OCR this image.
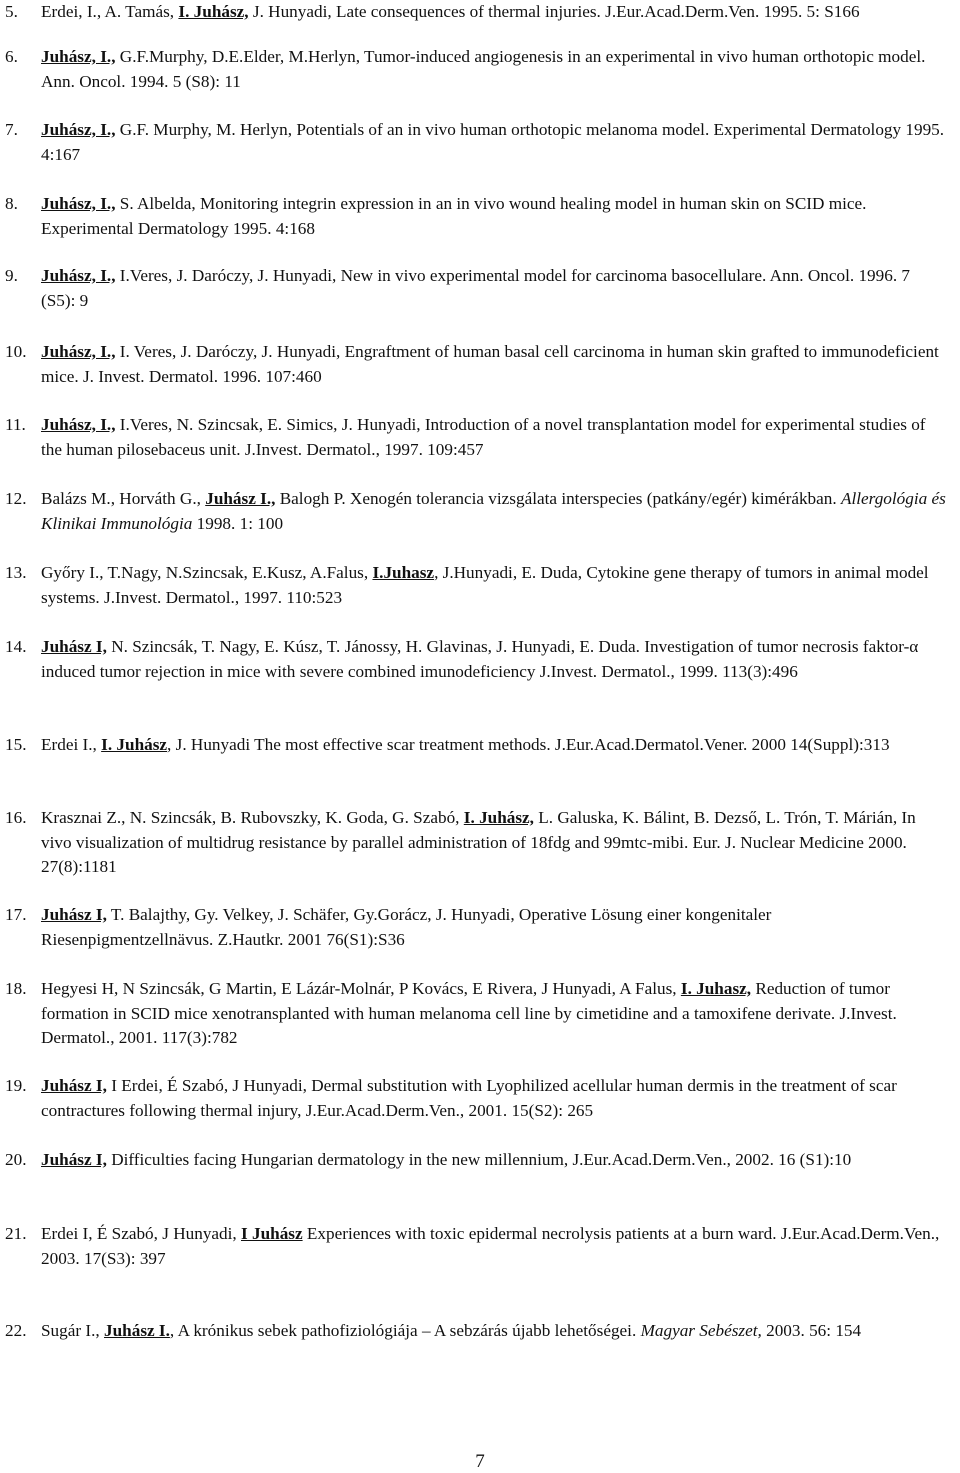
5. Erdei, I., A. Tamás, I. Juhász, J. Hunyadi, Late consequences of thermal injuries. J.Eur.Acad.Derm.Ven. 1995. 5: S166
6. Juhász, I., G.F.Murphy, D.E.Elder, M.Herlyn, Tumor-induced angiogenesis in an experimental in vivo human orthotopic model. Ann. Oncol. 1994. 5 (S8): 11
7. Juhász, I., G.F. Murphy, M. Herlyn, Potentials of an in vivo human orthotopic melanoma model. Experimental Dermatology 1995. 4:167
8. Juhász, I., S. Albelda, Monitoring integrin expression in an in vivo wound healing model in human skin on SCID mice. Experimental Dermatology 1995. 4:168
9. Juhász, I., I.Veres, J. Daróczy, J. Hunyadi, New in vivo experimental model for carcinoma basocellulare. Ann. Oncol. 1996. 7 (S5): 9
10. Juhász, I., I. Veres, J. Daróczy, J. Hunyadi, Engraftment of human basal cell carcinoma in human skin grafted to immunodeficient mice. J. Invest. Dermatol. 1996. 107:460
11. Juhász, I., I.Veres, N. Szincsak, E. Simics, J. Hunyadi, Introduction of a novel transplantation model for experimental studies of the human pilosebaceus unit. J.Invest. Dermatol., 1997. 109:457
12. Balázs M., Horváth G., Juhász I., Balogh P. Xenogén tolerancia vizsgálata interspecies (patkány/egér) kimérákban. Allergológia és Klinikai Immunológia 1998. 1: 100
13. Győry I., T.Nagy, N.Szincsak, E.Kusz, A.Falus, I.Juhasz, J.Hunyadi, E. Duda, Cytokine gene therapy of tumors in animal model systems. J.Invest. Dermatol., 1997. 110:523
14. Juhász I, N. Szincsák, T. Nagy, E. Kúsz, T. Jánossy, H. Glavinas, J. Hunyadi, E. Duda. Investigation of tumor necrosis faktor-α induced tumor rejection in mice with severe combined imunodeficiency J.Invest. Dermatol., 1999. 113(3):496
15. Erdei I., I. Juhász, J. Hunyadi The most effective scar treatment methods. J.Eur.Acad.Dermatol.Vener. 2000 14(Suppl):313
16. Krasznai Z., N. Szincsák, B. Rubovszky, K. Goda, G. Szabó, I. Juhász, L. Galuska, K. Bálint, B. Dezső, L. Trón, T. Márián, In vivo visualization of multidrug resistance by parallel administration of 18fdg and 99mtc-mibi. Eur. J. Nuclear Medicine 2000. 27(8):1181
17. Juhász I, T. Balajthy, Gy. Velkey, J. Schäfer, Gy.Gorácz, J. Hunyadi, Operative Lösung einer kongenitaler Riesenpigmentzellnävus. Z.Hautkr. 2001 76(S1):S36
18. Hegyesi H, N Szincsák, G Martin, E Lázár-Molnár, P Kovács, E Rivera, J Hunyadi, A Falus, I. Juhasz, Reduction of tumor formation in SCID mice xenotransplanted with human melanoma cell line by cimetidine and a tamoxifene derivate. J.Invest. Dermatol., 2001. 117(3):782
19. Juhász I, I Erdei, É Szabó, J Hunyadi, Dermal substitution with Lyophilized acellular human dermis in the treatment of scar contractures following thermal injury, J.Eur.Acad.Derm.Ven., 2001. 15(S2): 265
20. Juhász I, Difficulties facing Hungarian dermatology in the new millennium, J.Eur.Acad.Derm.Ven., 2002. 16 (S1):10
21. Erdei I, É Szabó, J Hunyadi, I Juhász Experiences with toxic epidermal necrolysis patients at a burn ward. J.Eur.Acad.Derm.Ven., 2003. 17(S3): 397
22. Sugár I., Juhász I., A krónikus sebek pathofiziológiája – A sebzárás újabb lehetőségei. Magyar Sebészet, 2003. 56: 154
7
